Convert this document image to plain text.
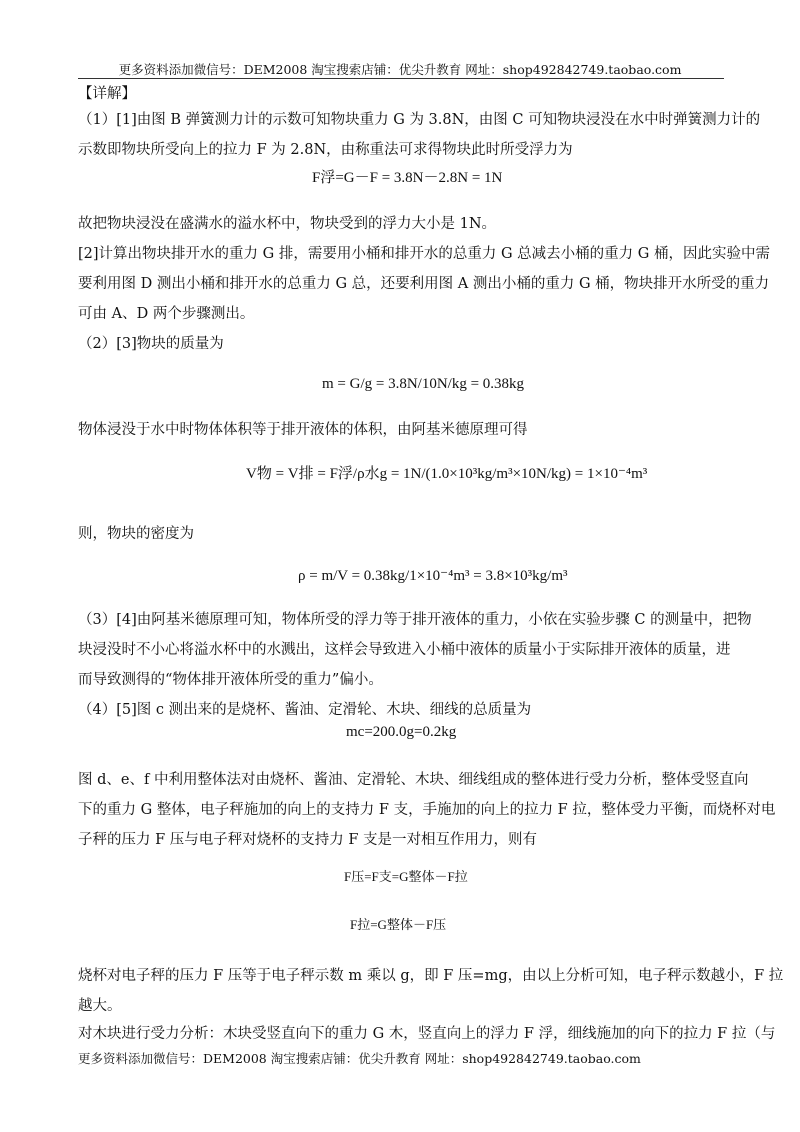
更多资料添加微信号：DEM2008 淘宝搜索店铺：优尖升教育 网址：shop492842749.taobao.com
【详解】
（1）[1]由图 B 弹簧测力计的示数可知物块重力 G 为 3.8N，由图 C 可知物块浸没在水中时弹簧测力计的
示数即物块所受向上的拉力 F 为 2.8N，由称重法可求得物块此时所受浮力为
F浮=G－F = 3.8N－2.8N = 1N
故把物块浸没在盛满水的溢水杯中，物块受到的浮力大小是 1N。
[2]计算出物块排开水的重力 G 排，需要用小桶和排开水的总重力 G 总减去小桶的重力 G 桶，因此实验中需
要利用图 D 测出小桶和排开水的总重力 G 总，还要利用图 A 测出小桶的重力 G 桶，物块排开水所受的重力
可由 A、D 两个步骤测出。
（2）[3]物块的质量为
m = G/g = 3.8N/10N/kg = 0.38kg
物体浸没于水中时物体体积等于排开液体的体积，由阿基米德原理可得
V物 = V排 = F浮/ρ水g = 1N/(1.0×10³kg/m³×10N/kg) = 1×10⁻⁴m³
则，物块的密度为
ρ = m/V = 0.38kg/1×10⁻⁴m³ = 3.8×10³kg/m³
（3）[4]由阿基米德原理可知，物体所受的浮力等于排开液体的重力，小依在实验步骤 C 的测量中，把物
块浸没时不小心将溢水杯中的水溅出，这样会导致进入小桶中液体的质量小于实际排开液体的质量，进
而导致测得的“物体排开液体所受的重力”偏小。
（4）[5]图 c 测出来的是烧杯、酱油、定滑轮、木块、细线的总质量为
mc=200.0g=0.2kg
图 d、e、f 中利用整体法对由烧杯、酱油、定滑轮、木块、细线组成的整体进行受力分析，整体受竖直向
下的重力 G 整体，电子秤施加的向上的支持力 F 支，手施加的向上的拉力 F 拉，整体受力平衡，而烧杯对电
子秤的压力 F 压与电子秤对烧杯的支持力 F 支是一对相互作用力，则有
F压=F支=G整体－F拉
F拉=G整体－F压
烧杯对电子秤的压力 F 压等于电子秤示数 m 乘以 g，即 F 压=mg，由以上分析可知，电子秤示数越小，F 拉
越大。
对木块进行受力分析：木块受竖直向下的重力 G 木，竖直向上的浮力 F 浮，细线施加的向下的拉力 F 拉（与
更多资料添加微信号：DEM2008 淘宝搜索店铺：优尖升教育 网址：shop492842749.taobao.com
